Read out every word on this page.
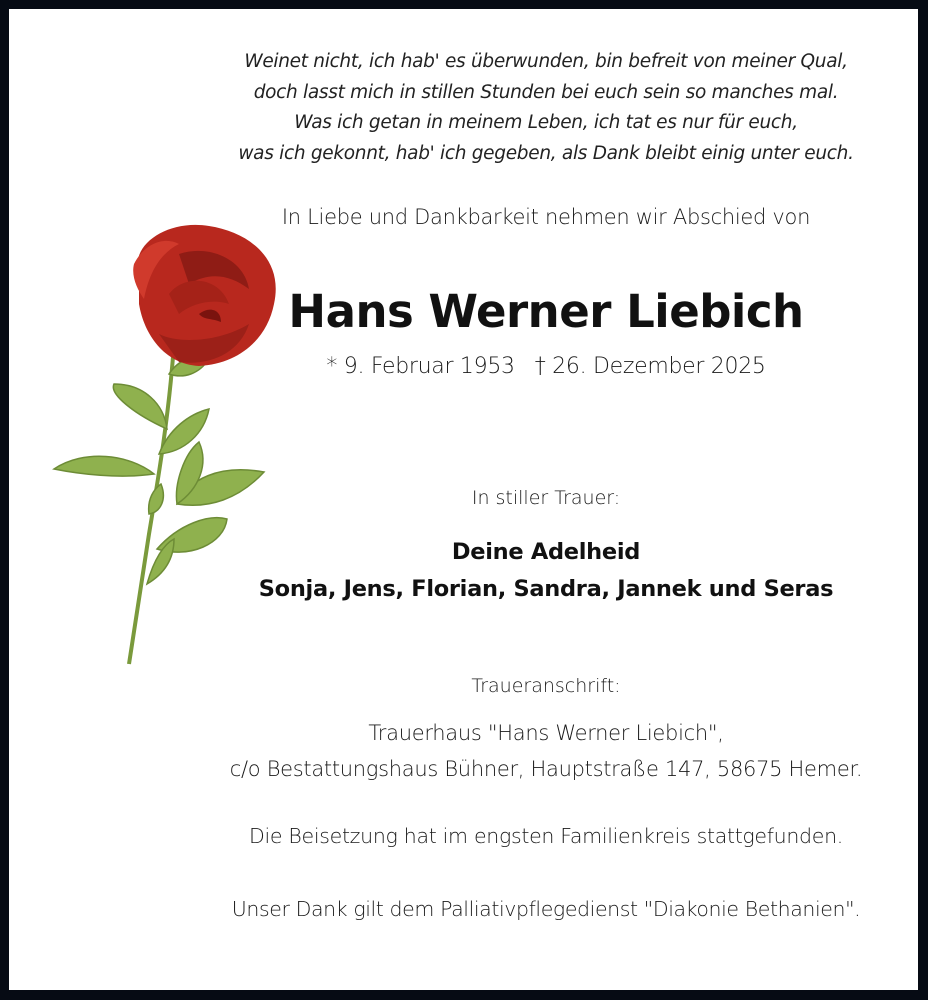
Weinet nicht, ich hab' es überwunden, bin befreit von meiner Qual,
doch lasst mich in stillen Stunden bei euch sein so manches mal.
Was ich getan in meinem Leben, ich tat es nur für euch,
was ich gekonnt, hab' ich gegeben, als Dank bleibt einig unter euch.
In Liebe und Dankbarkeit nehmen wir Abschied von
Hans Werner Liebich
* 9. Februar 1953   † 26. Dezember 2025
In stiller Trauer:
Deine Adelheid
Sonja, Jens, Florian, Sandra, Jannek und Seras
Traueranschrift:
Trauerhaus "Hans Werner Liebich",
c/o Bestattungshaus Bühner, Hauptstraße 147, 58675 Hemer.
Die Beisetzung hat im engsten Familienkreis stattgefunden.
Unser Dank gilt dem Palliativpflegedienst "Diakonie Bethanien".
